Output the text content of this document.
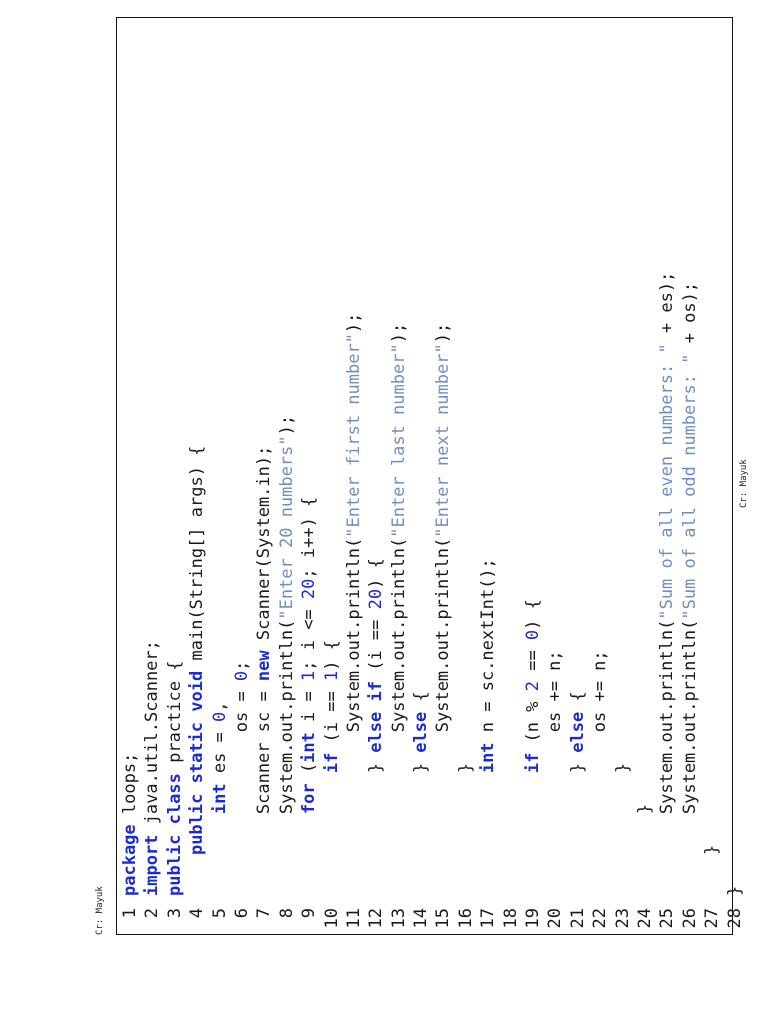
Cr: Mayuk 1package loops;
2import java.util.Scanner;
3public class practice {
4    public static void main(String[] args) {
5        int es = 0,
6                os = 0;
7        Scanner sc = new Scanner(System.in);
8        System.out.println("Enter 20 numbers");
9        for (int i = 1; i <= 20; i++) {
10            if (i == 1) {
11                System.out.println("Enter first number");
12            } else if (i == 20) {
13                System.out.println("Enter last number");
14            } else {
15                System.out.println("Enter next number");
16            }
17            int n = sc.nextInt();
18 19            if (n % 2 == 0) {
20                es += n;
21            } else {
22                os += n;
23            }
24        }
25        System.out.println("Sum of all even numbers: " + es);
26        System.out.println("Sum of all odd numbers: " + os);
27    }
28}
Cr: Mayuk
